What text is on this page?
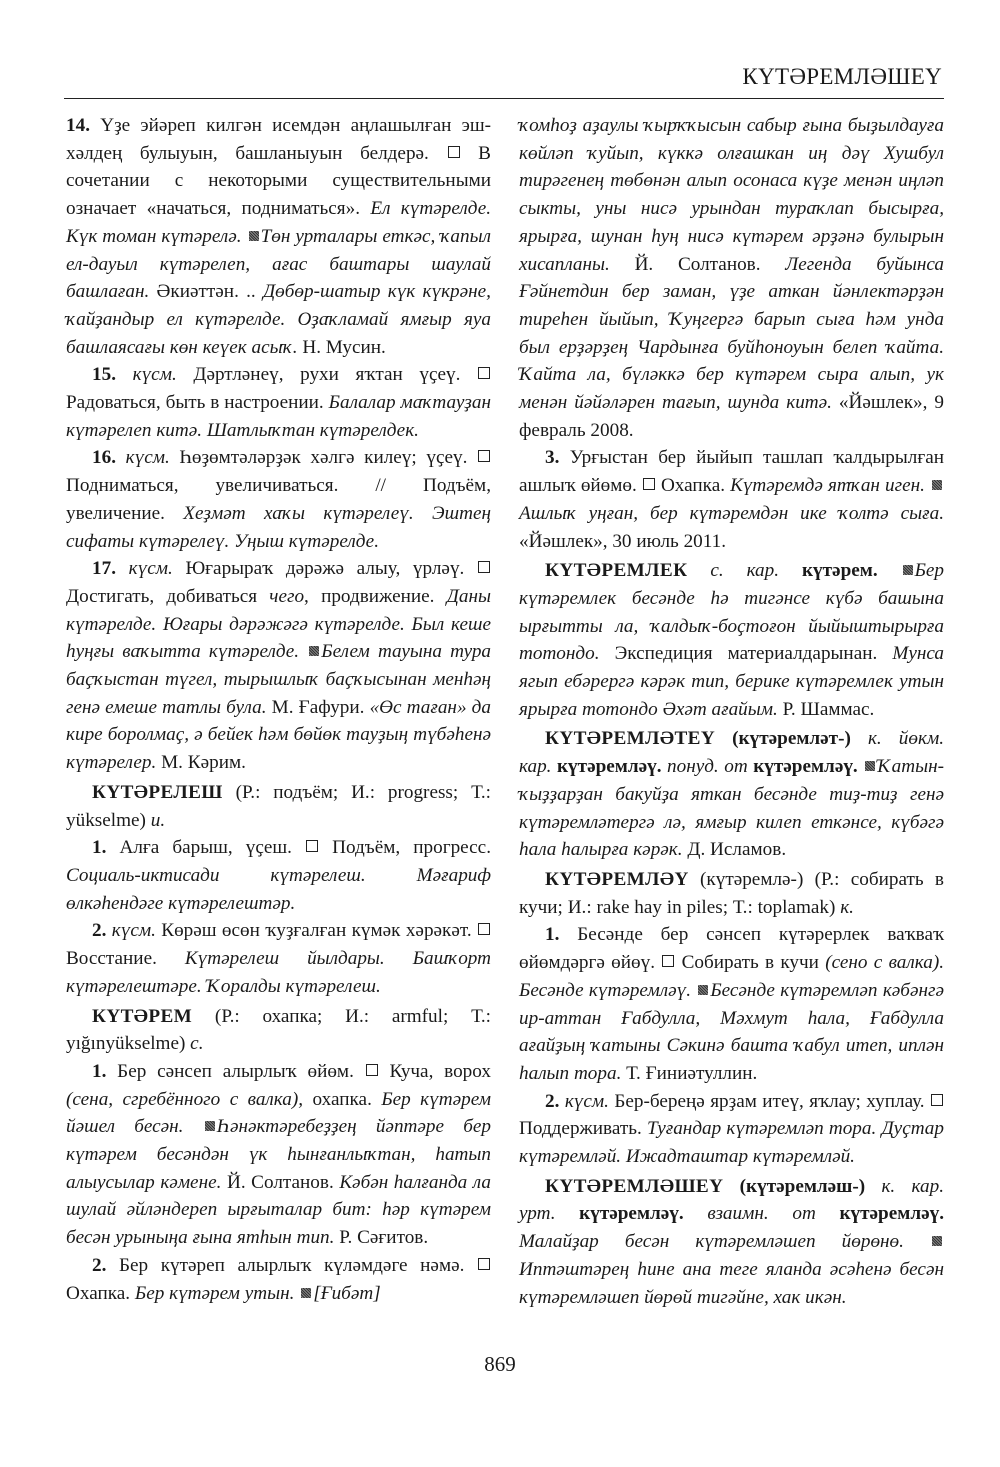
КҮТӘРЕМЛӘШЕҮ

14. Үҙе эйәреп килгән исемдән аңлашылған эш-хәлдең булыуын, башланыуын белдерә.  В сочетании с некоторыми существительными означает «начаться, подниматься». Ел күтәрелде. Күк томан күтәрелә. Төн урталары еткәс, ҡапыл ел-дауыл күтәрелеп, ағас баштары шаулай башлаған. Әкиәттән. .. Дөбөр-шатыр күк күкрәне, ҡайҙандыр ел күтәрелде. Оҙаҡламай ямғыр яуа башлаясағы көн кеүек асыҡ. Н. Мусин.

15. күсм. Дәртләнеү, рухи яҡтан үҫеү.  Радоваться, быть в настроении. Балалар маҡтауҙан күтәрелеп китә. Шатлыҡтан күтәрелдек.

16. күсм. Һөҙөмтәләрҙәк хәлгә килеү; үҫеү.  Подниматься, увеличиваться. // Подъём, увеличение. Хеҙмәт хаҡы күтәрелеү. Эштең сифаты күтәрелеү. Уңыш күтәрелде.

17. күсм. Юғарыраҡ дәрәжә алыу, үрләү.  Достигать, добиваться чего, продвижение. Даны күтәрелде. Юғары дәрәжәгә күтәрелде. Был кеше һуңғы ваҡытта күтәрелде. Белем тауына тура баҫҡыстан түгел, тырышлыҡ баҫҡысынан менһәң генә емеше татлы була. М. Ғафури. «Өс таған» да кире боролмаҫ, ә бейек һәм бөйөк тауҙың түбәһенә күтәрелер. М. Кәрим.

КҮТӘРЕЛЕШ (Р.: подъём; И.: progress; Т.: yükselme) и.

1. Алға барыш, үҫеш.  Подъём, прогресс. Социаль-иктисади күтәрелеш. Мәғариф өлкәһендәге күтәрелештәр.

2. күсм. Көрәш өсөн ҡуҙғалған күмәк хәрәкәт.  Восстание. Күтәрелеш йылдары. Башҡорт күтәрелештәре. Ҡоралды күтәрелеш.

КҮТӘРЕМ (Р.: охапка; И.: armful; Т.: yığınyükselme) с.

1. Бер сәнсеп алырлыҡ өйөм.  Куча, ворох (сена, сгребённого с валка), охапка. Бер күтәрем йәшел бесән. Һәнәктәребеҙҙең йәптәре бер күтәрем бесәндән үк һынғанлыҡтан, һатып алыусылар кәмене. Й. Солтанов. Кәбән һалғанда ла шулай әйләндереп ырғыталар бит: һәр күтәрем бесән урыныңа ғына ятһын тип. Р. Сәғитов.

2. Бер күтәреп алырлыҡ күләмдәге нәмә.  Охапка. Бер күтәрем утын. [Ғибәт]

ҡомһоҙ аҙаулы ҡырҡҡысын сабыр ғына быҙылдауға көйләп ҡуйып, күккә олғашкан иң дәү Хушбул тирәгенең төбөнән алып осонаса күҙе менән иңләп сыкты, уны нисә урындан тураҡлап бысырға, ярырға, шунан һуң нисә күтәрем әрҙәнә булырын хисапланы. Й. Солтанов. Легенда буйынса Ғәйнетдин бер заман, үҙе аткан йәнлектәрҙән тиреһен йыйып, Ҡуңгергә барып сыға һәм унда был ерҙәрҙең Чардынға буйһоноуын белеп ҡайта. Ҡайта ла, бүләккә бер күтәрем сыра алып, ук менән йәйәләрен тағып, шунда китә. «Йәшлек», 9 февраль 2008.

3. Урғыстан бер йыйып ташлап ҡалдырылған ашлыҡ өйөмө.  Охапка. Күтәремдә ятҡан иген. Ашлыҡ уңған, бер күтәремдән ике ҡолтә сыға. «Йәшлек», 30 июль 2011.

КҮТӘРЕМЛЕК с. кар. күтәрем. Бер күтәремлек бесәнде һә тигәнсе күбә башына ырғытты ла, ҡалдыҡ-боҫтоғон йыйыштырырға тотондо. Экспедиция материалдарынан. Мунса ягып ебәрергә кәрәк тип, берике күтәремлек утын ярырға тотондо Әхәт ағайым. Р. Шаммас.

КҮТӘРЕМЛӘТЕҮ (күтәремләт-) к. йөкм. кар. күтәремләү. понуд. от күтәремләү. Ҡатын-ҡыҙҙарҙан бакуйҙа яткан бесәнде тиҙ-тиҙ генә күтәремләтергә лә, ямғыр килеп еткәнсе, күбәгә һала һалырға кәрәк. Д. Исламов.

КҮТӘРЕМЛӘҮ (күтәремлә-) (Р.: собирать в кучи; И.: rake hay in piles; Т.: toplamak) к.

1. Бесәнде бер сәнсеп күтәрерлек ваҡваҡ өйөмдәргә өйөү.  Собирать в кучи (сено с валка). Бесәнде күтәремләү. Бесәнде күтәремләп кәбәнгә ир-аттан Ғабдулла, Мәхмут һала, Ғабдулла ағайҙың ҡатыны Сәкинә башта ҡабул итеп, иплән һалып тора. Т. Ғиниәтуллин.

2. күсм. Бер-береңә ярҙам итеү, яҡлау; хуплау.  Поддерживать. Туғандар күтәремләп тора. Дуҫтар күтәремләй. Ижадташтар күтәремләй.

КҮТӘРЕМЛӘШЕҮ (күтәремләш-) к. кар. урт. күтәремләү. взаимн. от күтәремләү. Малайҙар бесән күтәремләшеп йөрөнө. Иптәштәрең һине ана теге яланда әсәһенә бесән күтәремләшеп йөрөй тигәйне, хак икән.

869
